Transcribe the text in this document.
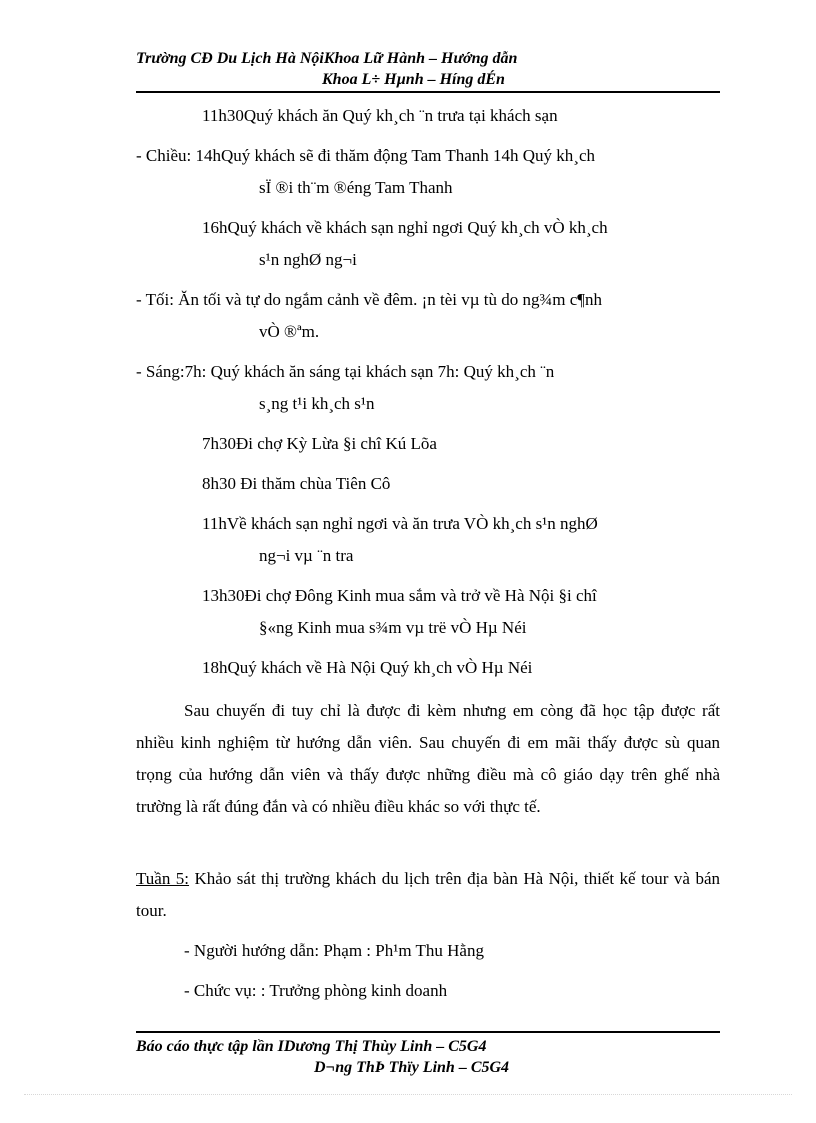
Trường CĐ Du Lịch Hà NộiKhoa Lữ Hành – Hướng dẫn
Khoa L÷ Hµnh – Híng dÉn
11h30Quý khách ăn Quý kh¸ch ¨n trưa tại khách sạn
- Chiều: 14hQuý khách sẽ đi thăm động Tam Thanh 14h Quý kh¸ch
sÏ ®i th¨m ®éng Tam Thanh
16hQuý khách về khách sạn nghỉ ngơi Quý kh¸ch vÒ kh¸ch
s¹n nghØ ng¬i
- Tối: Ăn tối và tự do ngắm cảnh về đêm. ¡n tèi vµ tù do ng¾m c¶nh
vÒ ®ªm.
- Sáng:7h: Quý khách ăn sáng tại khách sạn 7h: Quý kh¸ch ¨n
s¸ng t¹i kh¸ch s¹n
7h30Đi chợ Kỳ Lừa §i chî Kú Lõa
8h30 Đi thăm chùa Tiên Cô
11hVề khách sạn nghỉ ngơi và ăn trưa VÒ kh¸ch s¹n nghØ
ng¬i vµ ¨n tra
13h30Đi chợ Đông Kinh mua sắm và trở về Hà Nội §i chî
§«ng Kinh mua s¾m vµ trë vÒ Hµ Néi
18hQuý khách về Hà Nội Quý kh¸ch vÒ Hµ Néi
Sau chuyến đi tuy chỉ là được đi kèm nhưng em còng đã học tập được rất nhiều kinh nghiệm từ hướng dẫn viên. Sau chuyến đi em mãi thấy được sù quan trọng của hướng dẫn viên và thấy được những điều mà cô giáo dạy trên ghế nhà trường là rất đúng đắn và có nhiều điều khác so với thực tế.
Tuần 5: Khảo sát thị trường khách du lịch trên địa bàn Hà Nội, thiết kế tour và bán tour.
- Người hướng dẫn: Phạm : Ph¹m Thu Hằng
- Chức vụ: : Trưởng phòng kinh doanh
Báo cáo thực tập lần IDương Thị Thùy Linh – C5G4
D¬ng ThÞ Thïy Linh – C5G4
